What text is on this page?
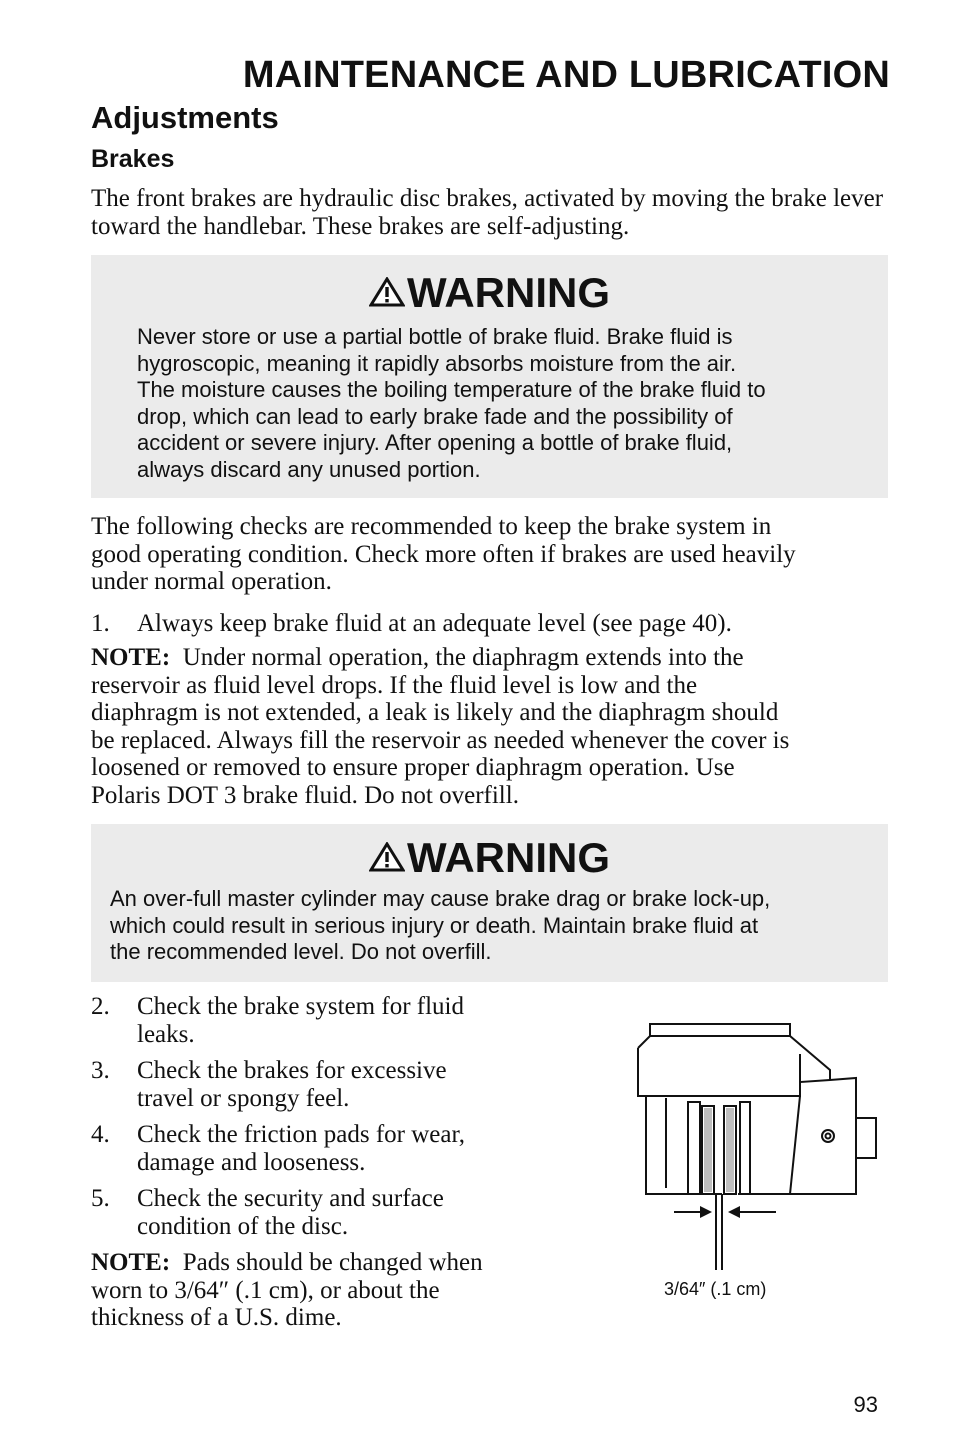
MAINTENANCE AND LUBRICATION
Adjustments
Brakes
The front brakes are hydraulic disc brakes, activated by moving the brake lever toward the handlebar. These brakes are self-adjusting.
WARNING
Never store or use a partial bottle of brake fluid. Brake fluid is
hygroscopic, meaning it rapidly absorbs moisture from the air.
The moisture causes the boiling temperature of the brake fluid to
drop, which can lead to early brake fade and the possibility of
accident or severe injury. After opening a bottle of brake fluid,
always discard any unused portion.
The following checks are recommended to keep the brake system in
good operating condition. Check more often if brakes are used heavily
under normal operation.
1.	Always keep brake fluid at an adequate level (see page 40).
NOTE:  Under normal operation, the diaphragm extends into the
reservoir as fluid level drops. If the fluid level is low and the
diaphragm is not extended, a leak is likely and the diaphragm should
be replaced. Always fill the reservoir as needed whenever the cover is
loosened or removed to ensure proper diaphragm operation. Use
Polaris DOT 3 brake fluid. Do not overfill.
WARNING
An over-full master cylinder may cause brake drag or brake lock-up,
which could result in serious injury or death. Maintain brake fluid at
the recommended level. Do not overfill.
2.	Check the brake system for fluid
leaks.
3.	Check the brakes for excessive
travel or spongy feel.
4.	Check the friction pads for wear,
damage and looseness.
5.	Check the security and surface
condition of the disc.
NOTE:  Pads should be changed when
worn to 3/64″ (.1 cm), or about the
thickness of a U.S. dime.
3/64″ (.1 cm)
93
